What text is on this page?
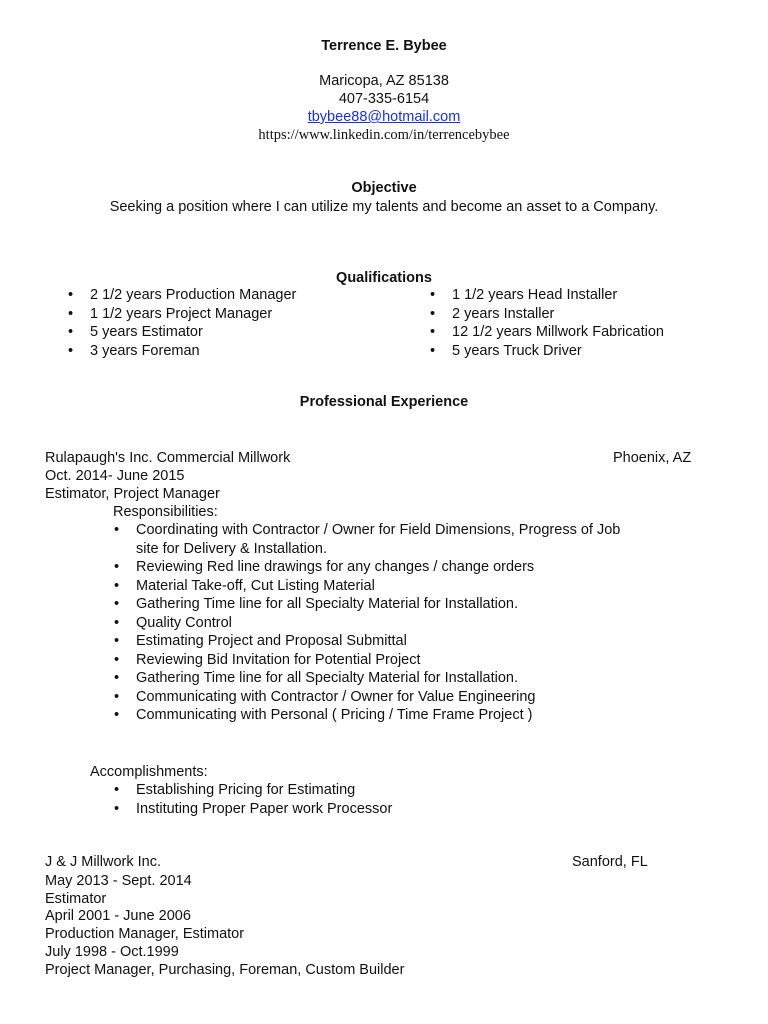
Terrence E. Bybee
Maricopa, AZ 85138
407-335-6154
tbybee88@hotmail.com
https://www.linkedin.com/in/terrencebybee
Objective
Seeking a position where I can utilize my talents and become an asset to a Company.
Qualifications
• 2 1/2 years Production Manager
• 1 1/2 years Project Manager
• 5 years Estimator
• 3 years Foreman
• 1 1/2 years Head Installer
• 2 years Installer
• 12 1/2 years Millwork Fabrication
• 5 years Truck Driver
Professional Experience
Rulapaugh's Inc. Commercial Millwork	Phoenix, AZ
Oct. 2014- June 2015
Estimator, Project Manager
Responsibilities:
• Coordinating with Contractor / Owner for Field Dimensions, Progress of Job site for Delivery & Installation.
• Reviewing Red line drawings for any changes / change orders
• Material Take-off, Cut Listing Material
• Gathering Time line for all Specialty Material for Installation.
• Quality Control
• Estimating Project and Proposal Submittal
• Reviewing Bid Invitation for Potential Project
• Gathering Time line for all Specialty Material for Installation.
• Communicating with Contractor / Owner for Value Engineering
• Communicating with Personal ( Pricing / Time Frame Project )
Accomplishments:
• Establishing Pricing for Estimating
• Instituting Proper Paper work Processor
J & J Millwork Inc.	Sanford, FL
May 2013 - Sept. 2014
Estimator
April 2001 - June 2006
Production Manager, Estimator
July 1998 - Oct.1999
Project Manager, Purchasing, Foreman, Custom Builder
